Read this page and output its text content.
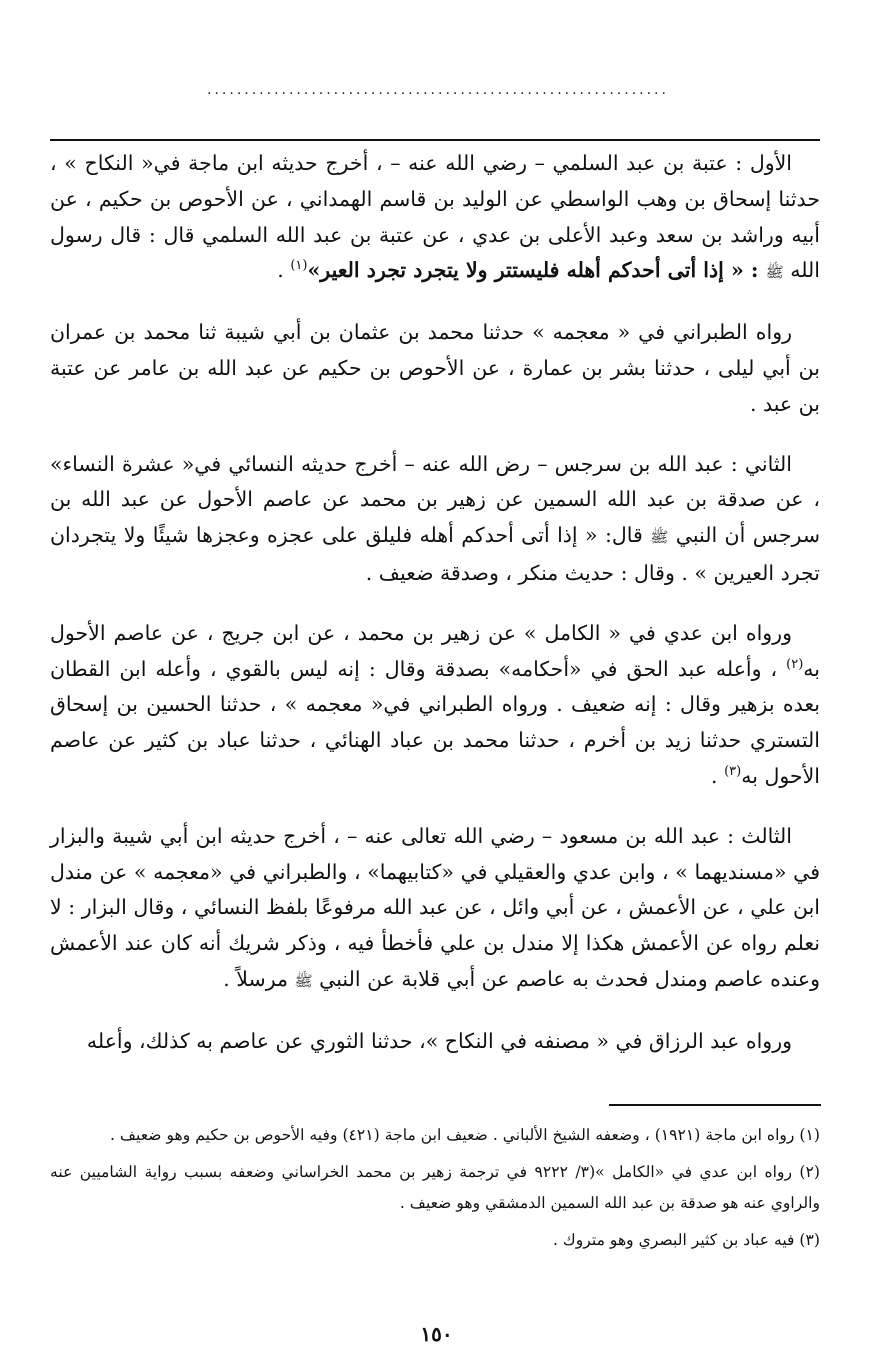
..............................................................

الأول : عتبة بن عبد السلمي – رضي الله عنه – ، أخرج حديثه ابن ماجة في« النكاح » ، حدثنا إسحاق بن وهب الواسطي عن الوليد بن قاسم الهمداني ، عن الأحوص بن حكيم ، عن أبيه وراشد بن سعد وعبد الأعلى بن عدي ، عن عتبة بن عبد الله السلمي قال : قال رسول الله ﷺ : « إذا أتى أحدكم أهله فليستتر ولا يتجرد تجرد العير»$^{(١)}$ .

رواه الطبراني في « معجمه » حدثنا محمد بن عثمان بن أبي شيبة ثنا محمد بن عمران بن أبي ليلى ، حدثنا بشر بن عمارة ، عن الأحوص بن حكيم عن عبد الله بن عامر عن عتبة بن عبد .

الثاني : عبد الله بن سرجس – رض الله عنه – أخرج حديثه النسائي في« عشرة النساء» ، عن صدقة بن عبد الله السمين عن زهير بن محمد عن عاصم الأحول عن عبد الله بن سرجس أن النبي ﷺ قال: « إذا أتى أحدكم أهله فليلق على عجزه وعجزها شيئًا ولا يتجردان تجرد العيرين » . وقال : حديث منكر ، وصدقة ضعيف .

ورواه ابن عدي في « الكامل » عن زهير بن محمد ، عن ابن جريج ، عن عاصم الأحول به$^{(٢)}$ ، وأعله عبد الحق في «أحكامه» بصدقة وقال : إنه ليس بالقوي ، وأعله ابن القطان بعده بزهير وقال : إنه ضعيف . ورواه الطبراني في« معجمه » ، حدثنا الحسين بن إسحاق التستري حدثنا زيد بن أخرم ، حدثنا محمد بن عباد الهنائي ، حدثنا عباد بن كثير عن عاصم الأحول به$^{(٣)}$ .

الثالث : عبد الله بن مسعود – رضي الله تعالى عنه – ، أخرج حديثه ابن أبي شيبة والبزار في «مسنديهما » ، وابن عدي والعقيلي في «كتابيهما» ، والطبراني في «معجمه » عن مندل ابن علي ، عن الأعمش ، عن أبي وائل ، عن عبد الله مرفوعًا بلفظ النسائي ، وقال البزار : لا نعلم رواه عن الأعمش هكذا إلا مندل بن علي فأخطأ فيه ، وذكر شريك أنه كان عند الأعمش وعنده عاصم ومندل فحدث به عاصم عن أبي قلابة عن النبي ﷺ مرسلاً .

ورواه عبد الرزاق في « مصنفه في النكاح »، حدثنا الثوري عن عاصم به كذلك، وأعله

(١) رواه ابن ماجة (١٩٢١) ، وضعفه الشيخ الألباني . ضعيف ابن ماجة (٤٢١) وفيه الأحوص بن حكيم وهو ضعيف .
(٢) رواه ابن عدي في «الكامل »(٣/ ٩٢٢٢ في ترجمة زهير بن محمد الخراساني وضعفه بسبب رواية الشاميين عنه والراوي عنه هو صدقة بن عبد الله السمين الدمشقي وهو ضعيف .
(٣) فيه عباد بن كثير البصري وهو متروك .
١٥٠
